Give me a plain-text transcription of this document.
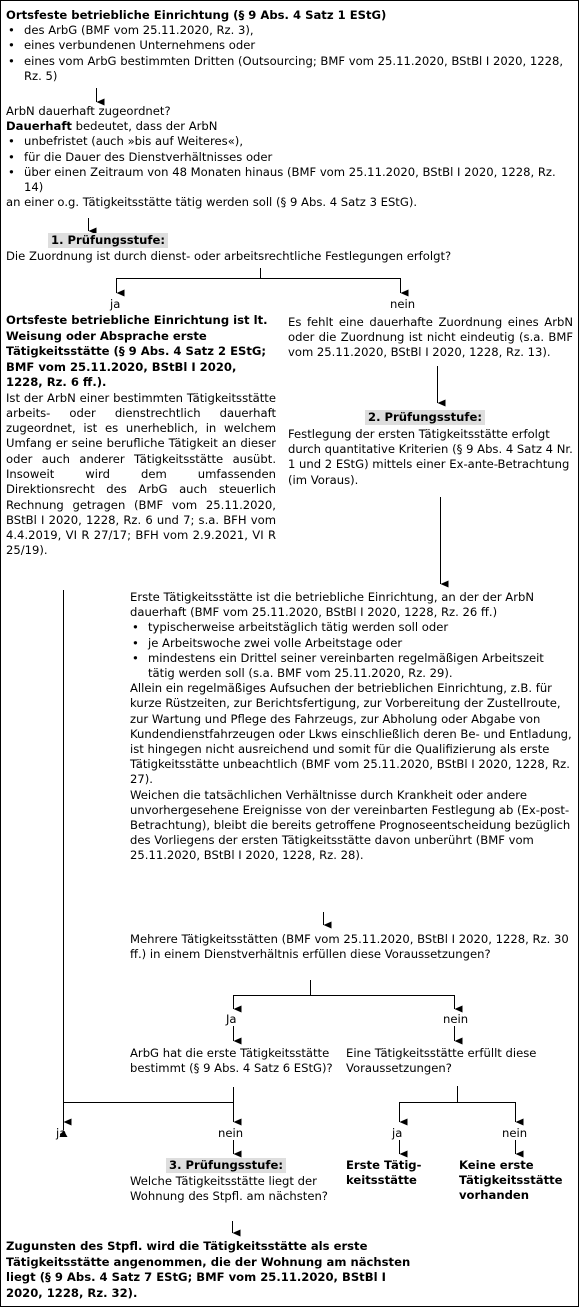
Ortsfeste betriebliche Einrichtung (§ 9 Abs. 4 Satz 1 EStG)
• des ArbG (BMF vom 25.11.2020, Rz. 3),
• eines verbundenen Unternehmens oder
• eines vom ArbG bestimmten Dritten (Outsourcing; BMF vom 25.11.2020, BStBl I 2020, 1228, Rz. 5)
ArbN dauerhaft zugeordnet?
Dauerhaft bedeutet, dass der ArbN
• unbefristet (auch »bis auf Weiteres«),
• für die Dauer des Dienstverhältnisses oder
• über einen Zeitraum von 48 Monaten hinaus (BMF vom 25.11.2020, BStBl I 2020, 1228, Rz. 14)
an einer o.g. Tätigkeitsstätte tätig werden soll (§ 9 Abs. 4 Satz 3 EStG).
1. Prüfungsstufe:
Die Zuordnung ist durch dienst- oder arbeitsrechtliche Festlegungen erfolgt?
ja	nein
Ortsfeste betriebliche Einrichtung ist lt. Weisung oder Absprache erste Tätigkeitsstätte (§ 9 Abs. 4 Satz 2 EStG; BMF vom 25.11.2020, BStBl I 2020, 1228, Rz. 6 ff.).
Ist der ArbN einer bestimmten Tätigkeitsstätte arbeits- oder dienstrechtlich dauerhaft zugeordnet, ist es unerheblich, in welchem Umfang er seine berufliche Tätigkeit an dieser oder auch anderer Tätigkeitsstätte ausübt. Insoweit wird dem umfassenden Direktionsrecht des ArbG auch steuerlich Rechnung getragen (BMF vom 25.11.2020, BStBl I 2020, 1228, Rz. 6 und 7; s.a. BFH vom 4.4.2019, VI R 27/17; BFH vom 2.9.2021, VI R 25/19).
Es fehlt eine dauerhafte Zuordnung eines ArbN oder die Zuordnung ist nicht eindeutig (s.a. BMF vom 25.11.2020, BStBl I 2020, 1228, Rz. 13).
2. Prüfungsstufe:
Festlegung der ersten Tätigkeitsstätte erfolgt durch quantitative Kriterien (§ 9 Abs. 4 Satz 4 Nr. 1 und 2 EStG) mittels einer Ex-ante-Betrachtung (im Voraus).
Erste Tätigkeitsstätte ist die betriebliche Einrichtung, an der der ArbN dauerhaft (BMF vom 25.11.2020, BStBl I 2020, 1228, Rz. 26 ff.)
• typischerweise arbeitstäglich tätig werden soll oder
• je Arbeitswoche zwei volle Arbeitstage oder
• mindestens ein Drittel seiner vereinbarten regelmäßigen Arbeitszeit tätig werden soll (s.a. BMF vom 25.11.2020, Rz. 29).
Allein ein regelmäßiges Aufsuchen der betrieblichen Einrichtung, z.B. für kurze Rüstzeiten, zur Berichtsfertigung, zur Vorbereitung der Zustellroute, zur Wartung und Pflege des Fahrzeugs, zur Abholung oder Abgabe von Kundendienstfahrzeugen oder Lkws einschließlich deren Be- und Entladung, ist hingegen nicht ausreichend und somit für die Qualifizierung als erste Tätigkeitsstätte unbeachtlich (BMF vom 25.11.2020, BStBl I 2020, 1228, Rz. 27).
Weichen die tatsächlichen Verhältnisse durch Krankheit oder andere unvorhergesehene Ereignisse von der vereinbarten Festlegung ab (Ex-post-Betrachtung), bleibt die bereits getroffene Prognoseentscheidung bezüglich des Vorliegens der ersten Tätigkeitsstätte davon unberührt (BMF vom 25.11.2020, BStBl I 2020, 1228, Rz. 28).
Mehrere Tätigkeitsstätten (BMF vom 25.11.2020, BStBl I 2020, 1228, Rz. 30 ff.) in einem Dienstverhältnis erfüllen diese Voraussetzungen?
Ja	nein
ArbG hat die erste Tätigkeitsstätte bestimmt (§ 9 Abs. 4 Satz 6 EStG)?
Eine Tätigkeitsstätte erfüllt diese Voraussetzungen?
ja	nein	ja	nein
3. Prüfungsstufe:
Welche Tätigkeitsstätte liegt der Wohnung des Stpfl. am nächsten?
Erste Tätigkeitsstätte
Keine erste Tätigkeitsstätte vorhanden
Zugunsten des Stpfl. wird die Tätigkeitsstätte als erste Tätigkeitsstätte angenommen, die der Wohnung am nächsten liegt (§ 9 Abs. 4 Satz 7 EStG; BMF vom 25.11.2020, BStBl I 2020, 1228, Rz. 32).
